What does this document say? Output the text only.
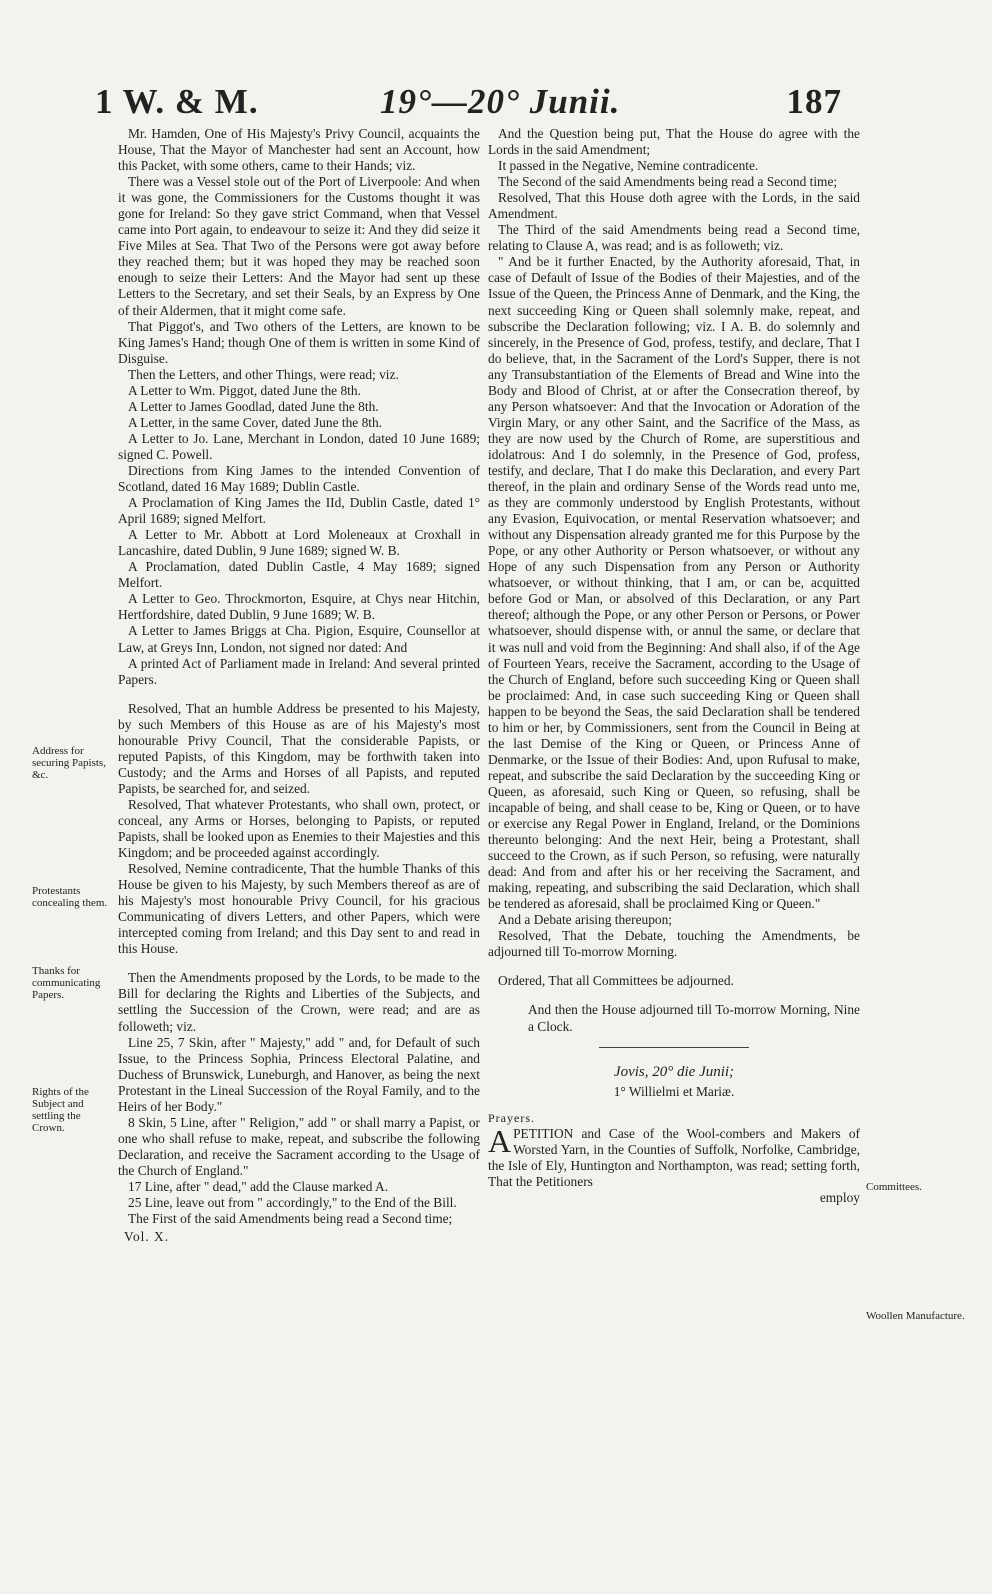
1 W. & M.	19°—20° Junii.	187

Mr. Hamden, One of His Majesty's Privy Council, acquaints the House, That the Mayor of Manchester had sent an Account, how this Packet, with some others, came to their Hands; viz.

There was a Vessel stole out of the Port of Liverpoole: And when it was gone, the Commissioners for the Customs thought it was gone for Ireland: So they gave strict Command, when that Vessel came into Port again, to endeavour to seize it: And they did seize it Five Miles at Sea. That Two of the Persons were got away before they reached them; but it was hoped they may be reached soon enough to seize their Letters: And the Mayor had sent up these Letters to the Secretary, and set their Seals, by an Express by One of their Aldermen, that it might come safe.

That Piggot's, and Two others of the Letters, are known to be King James's Hand; though One of them is written in some Kind of Disguise.

Then the Letters, and other Things, were read; viz.

A Letter to Wm. Piggot, dated June the 8th.

A Letter to James Goodlad, dated June the 8th.

A Letter, in the same Cover, dated June the 8th.

A Letter to Jo. Lane, Merchant in London, dated 10 June 1689; signed C. Powell.

Directions from King James to the intended Convention of Scotland, dated 16 May 1689; Dublin Castle.

A Proclamation of King James the IId, Dublin Castle, dated 1° April 1689; signed Melfort.

A Letter to Mr. Abbott at Lord Moleneaux at Croxhall in Lancashire, dated Dublin, 9 June 1689; signed W. B.

A Proclamation, dated Dublin Castle, 4 May 1689; signed Melfort.

A Letter to Geo. Throckmorton, Esquire, at Chys near Hitchin, Hertfordshire, dated Dublin, 9 June 1689; W. B.

A Letter to James Briggs at Cha. Pigion, Esquire, Counsellor at Law, at Greys Inn, London, not signed nor dated: And

A printed Act of Parliament made in Ireland: And several printed Papers.

Resolved, That an humble Address be presented to his Majesty, by such Members of this House as are of his Majesty's most honourable Privy Council, That the considerable Papists, or reputed Papists, of this Kingdom, may be forthwith taken into Custody; and the Arms and Horses of all Papists, and reputed Papists, be searched for, and seized.

Resolved, That whatever Protestants, who shall own, protect, or conceal, any Arms or Horses, belonging to Papists, or reputed Papists, shall be looked upon as Enemies to their Majesties and this Kingdom; and be proceeded against accordingly.

Resolved, Nemine contradicente, That the humble Thanks of this House be given to his Majesty, by such Members thereof as are of his Majesty's most honourable Privy Council, for his gracious Communicating of divers Letters, and other Papers, which were intercepted coming from Ireland; and this Day sent to and read in this House.

Then the Amendments proposed by the Lords, to be made to the Bill for declaring the Rights and Liberties of the Subjects, and settling the Succession of the Crown, were read; and are as followeth; viz.

Line 25, 7 Skin, after " Majesty," add " and, for Default of such Issue, to the Princess Sophia, Princess Electoral Palatine, and Duchess of Brunswick, Luneburgh, and Hanover, as being the next Protestant in the Lineal Succession of the Royal Family, and to the Heirs of her Body."

8 Skin, 5 Line, after " Religion," add " or shall marry a Papist, or one who shall refuse to make, repeat, and subscribe the following Declaration, and receive the Sacrament according to the Usage of the Church of England."

17 Line, after " dead," add the Clause marked A.

25 Line, leave out from " accordingly," to the End of the Bill.

The First of the said Amendments being read a Second time;

Vol. X.

And the Question being put, That the House do agree with the Lords in the said Amendment;

It passed in the Negative, Nemine contradicente.

The Second of the said Amendments being read a Second time;

Resolved, That this House doth agree with the Lords, in the said Amendment.

The Third of the said Amendments being read a Second time, relating to Clause A, was read; and is as followeth; viz.

" And be it further Enacted, by the Authority aforesaid, That, in case of Default of Issue of the Bodies of their Majesties, and of the Issue of the Queen, the Princess Anne of Denmark, and the King, the next succeeding King or Queen shall solemnly make, repeat, and subscribe the Declaration following; viz. I A. B. do solemnly and sincerely, in the Presence of God, profess, testify, and declare, That I do believe, that, in the Sacrament of the Lord's Supper, there is not any Transubstantiation of the Elements of Bread and Wine into the Body and Blood of Christ, at or after the Consecration thereof, by any Person whatsoever: And that the Invocation or Adoration of the Virgin Mary, or any other Saint, and the Sacrifice of the Mass, as they are now used by the Church of Rome, are superstitious and idolatrous: And I do solemnly, in the Presence of God, profess, testify, and declare, That I do make this Declaration, and every Part thereof, in the plain and ordinary Sense of the Words read unto me, as they are commonly understood by English Protestants, without any Evasion, Equivocation, or mental Reservation whatsoever; and without any Dispensation already granted me for this Purpose by the Pope, or any other Authority or Person whatsoever, or without any Hope of any such Dispensation from any Person or Authority whatsoever, or without thinking, that I am, or can be, acquitted before God or Man, or absolved of this Declaration, or any Part thereof; although the Pope, or any other Person or Persons, or Power whatsoever, should dispense with, or annul the same, or declare that it was null and void from the Beginning: And shall also, if of the Age of Fourteen Years, receive the Sacrament, according to the Usage of the Church of England, before such succeeding King or Queen shall be proclaimed: And, in case such succeeding King or Queen shall happen to be beyond the Seas, the said Declaration shall be tendered to him or her, by Commissioners, sent from the Council in Being at the last Demise of the King or Queen, or Princess Anne of Denmarke, or the Issue of their Bodies: And, upon Rufusal to make, repeat, and subscribe the said Declaration by the succeeding King or Queen, as aforesaid, such King or Queen, so refusing, shall be incapable of being, and shall cease to be, King or Queen, or to have or exercise any Regal Power in England, Ireland, or the Dominions thereunto belonging: And the next Heir, being a Protestant, shall succeed to the Crown, as if such Person, so refusing, were naturally dead: And from and after his or her receiving the Sacrament, and making, repeating, and subscribing the said Declaration, which shall be tendered as aforesaid, shall be proclaimed King or Queen."

And a Debate arising thereupon;

Resolved, That the Debate, touching the Amendments, be adjourned till To-morrow Morning.

Ordered, That all Committees be adjourned.

And then the House adjourned till To-morrow Morning, Nine a Clock.

Jovis, 20° die Junii;

1° Willielmi et Mariæ.

Prayers.

APETITION and Case of the Wool-combers and Makers of Worsted Yarn, in the Counties of Suffolk, Norfolke, Cambridge, the Isle of Ely, Huntington and Northampton, was read; setting forth, That the Petitioners

employ

Address for securing Papists, &c.
Protestants concealing them.
Thanks for communicating Papers.
Rights of the Subject and settling the Crown.
Committees.
Woollen Manufacture.
